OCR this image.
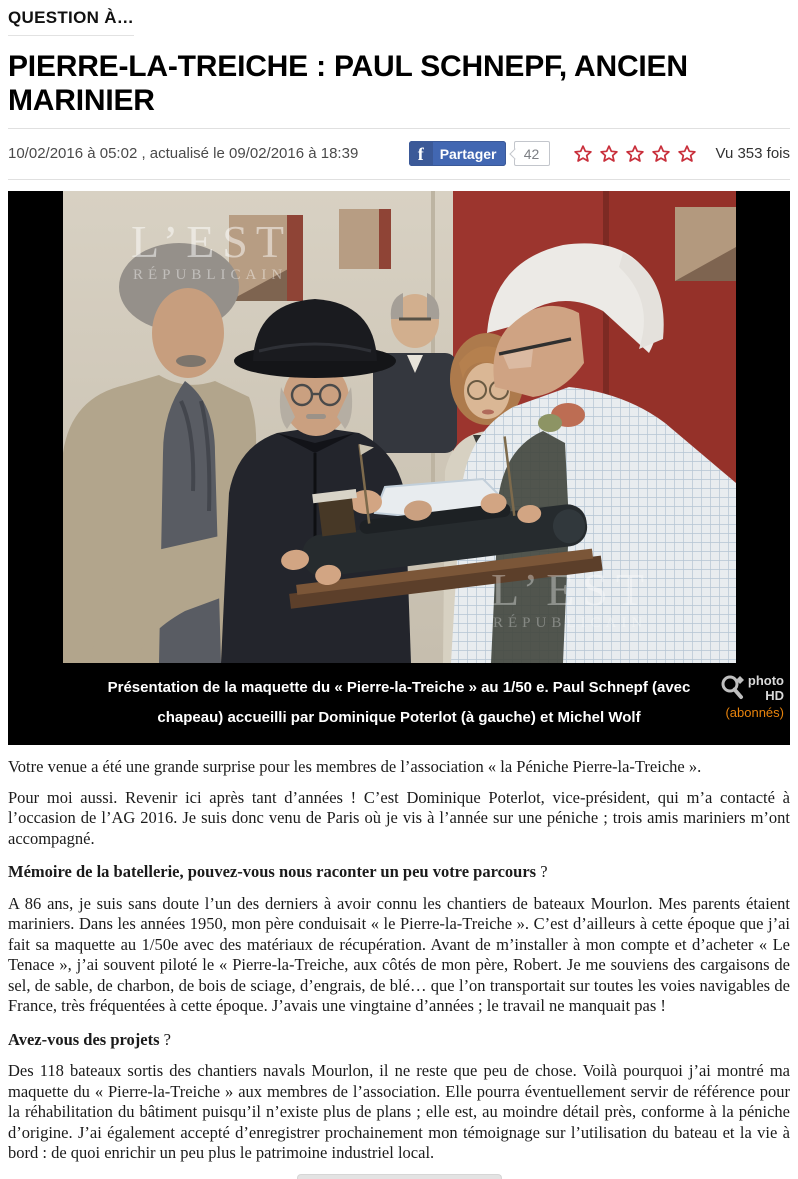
QUESTION À…
PIERRE-LA-TREICHE : PAUL SCHNEPF, ANCIEN MARINIER
10/02/2016 à 05:02 , actualisé le 09/02/2016 à 18:39	f	Partager	42	Vu 353 fois
L’EST
RÉPUBLICAIN
L’EST
RÉPUBLICAIN
Présentation de la maquette du « Pierre-la-Treiche » au 1/50 e. Paul Schnepf (avec chapeau) accueilli par Dominique Poterlot (à gauche) et Michel Wolf
photo
HD
(abonnés)

Votre venue a été une grande surprise pour les membres de l’association « la Péniche Pierre-la-Treiche ».

Pour moi aussi. Revenir ici après tant d’années ! C’est Dominique Poterlot, vice-président, qui m’a contacté à l’occasion de l’AG 2016. Je suis donc venu de Paris où je vis à l’année sur une péniche ; trois amis mariniers m’ont accompagné.

Mémoire de la batellerie, pouvez-vous nous raconter un peu votre parcours ?

A 86 ans, je suis sans doute l’un des derniers à avoir connu les chantiers de bateaux Mourlon. Mes parents étaient mariniers. Dans les années 1950, mon père conduisait « le Pierre-la-Treiche ». C’est d’ailleurs à cette époque que j’ai fait sa maquette au 1/50e avec des matériaux de récupération. Avant de m’installer à mon compte et d’acheter « Le Tenace », j’ai souvent piloté le « Pierre-la-Treiche, aux côtés de mon père, Robert. Je me souviens des cargaisons de sel, de sable, de charbon, de bois de sciage, d’engrais, de blé… que l’on transportait sur toutes les voies navigables de France, très fréquentées à cette époque. J’avais une vingtaine d’années ; le travail ne manquait pas !

Avez-vous des projets ?

Des 118 bateaux sortis des chantiers navals Mourlon, il ne reste que peu de chose. Voilà pourquoi j’ai montré ma maquette du « Pierre-la-Treiche » aux membres de l’association. Elle pourra éventuellement servir de référence pour la réhabilitation du bâtiment puisqu’il n’existe plus de plans ; elle est, au moindre détail près, conforme à la péniche d’origine. J’ai également accepté d’enregistrer prochainement mon témoignage sur l’utilisation du bateau et la vie à bord : de quoi enrichir un peu plus le patrimoine industriel local.
